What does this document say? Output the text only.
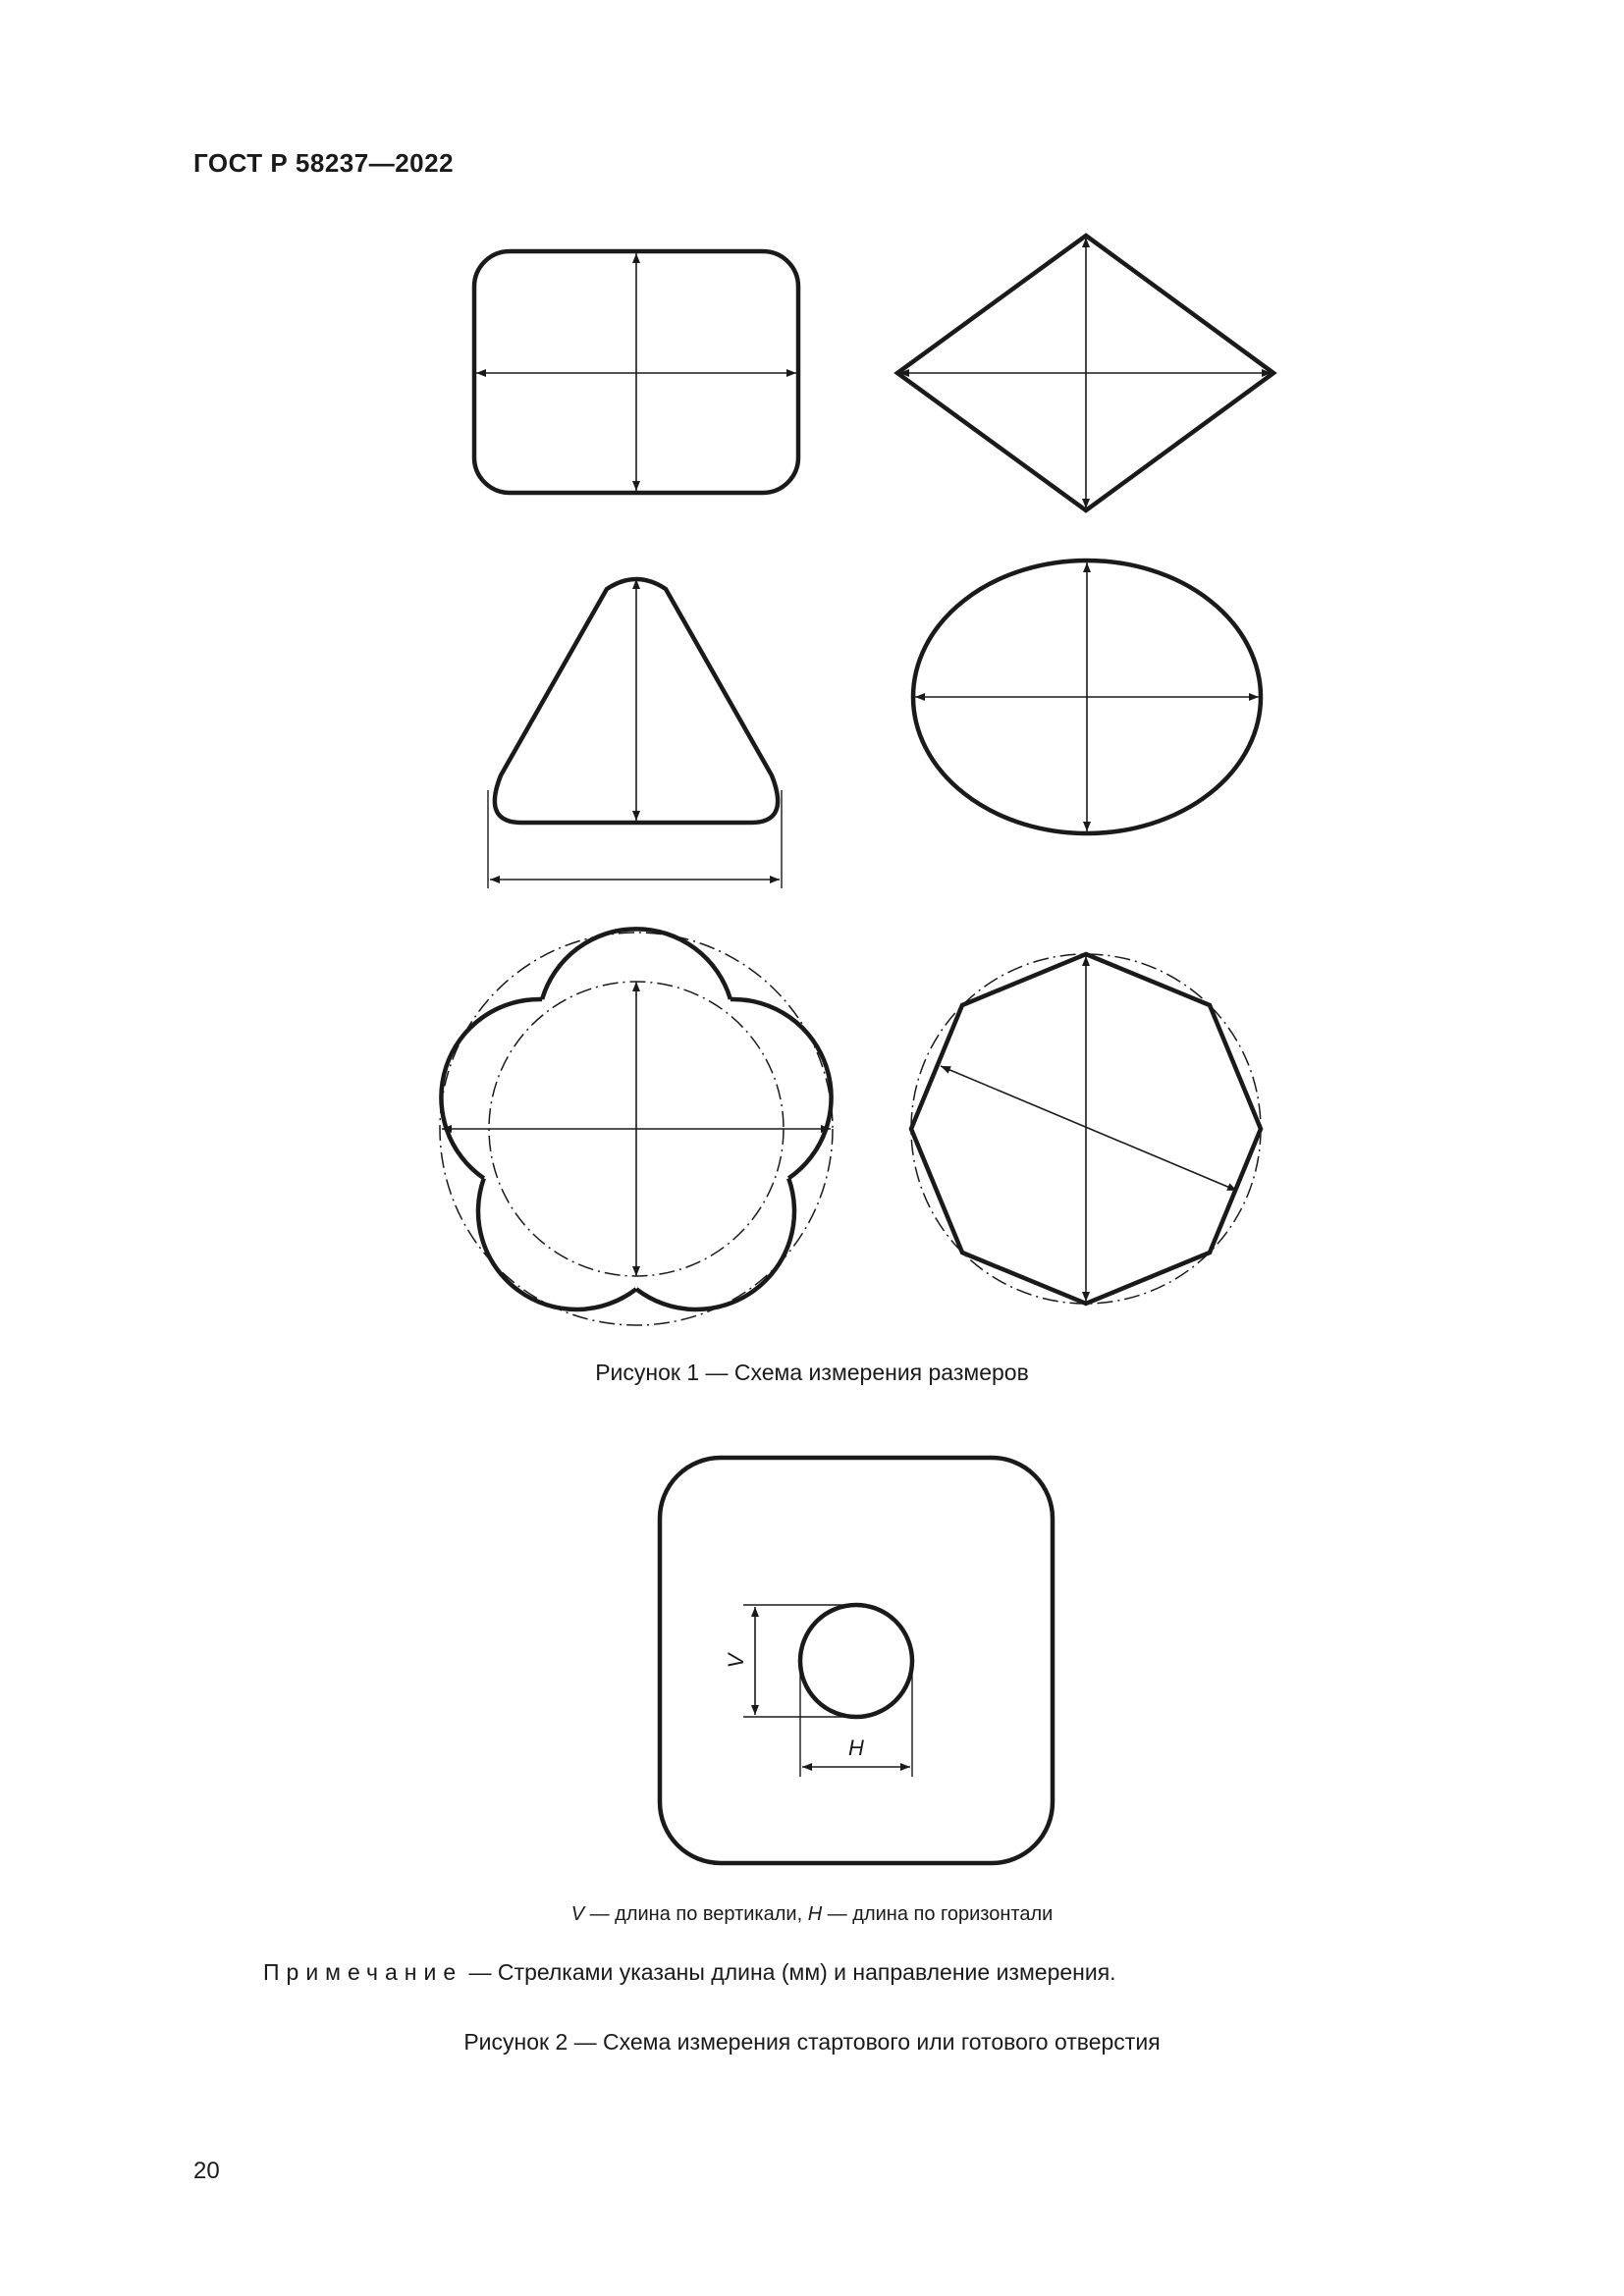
ГОСТ Р 58237—2022
V
H
Рисунок 1 — Схема измерения размеров
V — длина по вертикали, H — длина по горизонтали
Примечание — Стрелками указаны длина (мм) и направление измерения.
Рисунок 2 — Схема измерения стартового или готового отверстия
20
